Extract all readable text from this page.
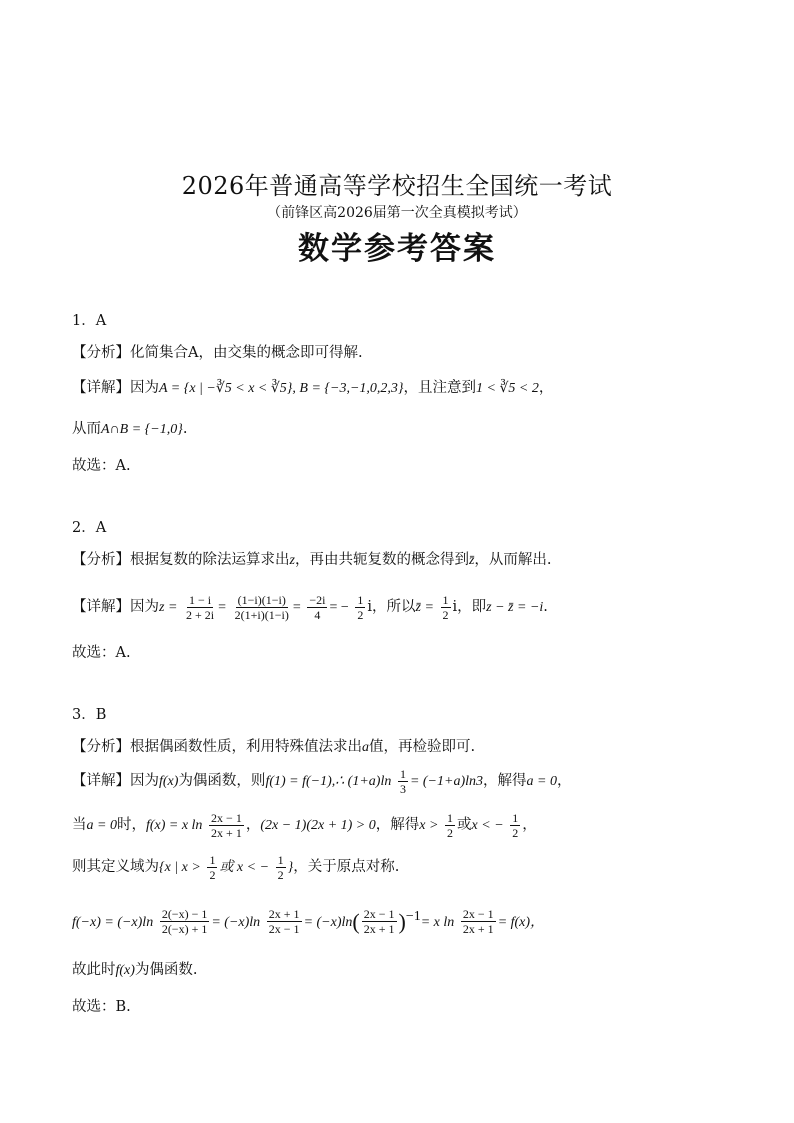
2026年普通高等学校招生全国统一考试
（前锋区高2026届第一次全真模拟考试）
数学参考答案
1．A
【分析】化简集合A，由交集的概念即可得解.
【详解】因为A = {x | −∛5 < x < ∛5}, B = {−3,−1,0,2,3}，且注意到1 < ∛5 < 2，
从而A∩B = {−1,0}.
故选：A.
2．A
【分析】根据复数的除法运算求出z，再由共轭复数的概念得到z̄，从而解出.
【详解】因为$z = \frac{1 - i}{2 + 2i} = \frac{(1-i)(1-i)}{2(1+i)(1-i)} = \frac{-2i}{4}$ = − $\frac{1}{2}$ i，所以z̄ = $\frac{1}{2}$ i，即z − z̄ = −i.
故选：A.
3．B
【分析】根据偶函数性质，利用特殊值法求出a值，再检验即可.
【详解】因为f(x)为偶函数，则f(1) = f(−1),∴ $(1+a)\ln \frac{1}{3} = (-1+a)\ln 3$，解得a = 0，
当a = 0时，f(x) = x $\ln \frac{2x - 1}{2x + 1}$ ，(2x − 1)(2x + 1) > 0，解得$x > \frac{1}{2}$ 或x < − $\frac{1}{2}$ ，
则其定义域为{x | $x > \frac{1}{2}$ 或 x < − $\frac{1}{2}$ }，关于原点对称.
$f(-x) = (-x)\ln \frac{2(-x) - 1}{2(-x) + 1} = (-x)\ln \frac{2x + 1}{2x - 1} = (-x)\ln( \frac{2x - 1}{2x + 1} )^{-1}= x$ $\ln \frac{2x - 1}{2x + 1} = f(x)$，
故此时f(x)为偶函数.
故选：B.
